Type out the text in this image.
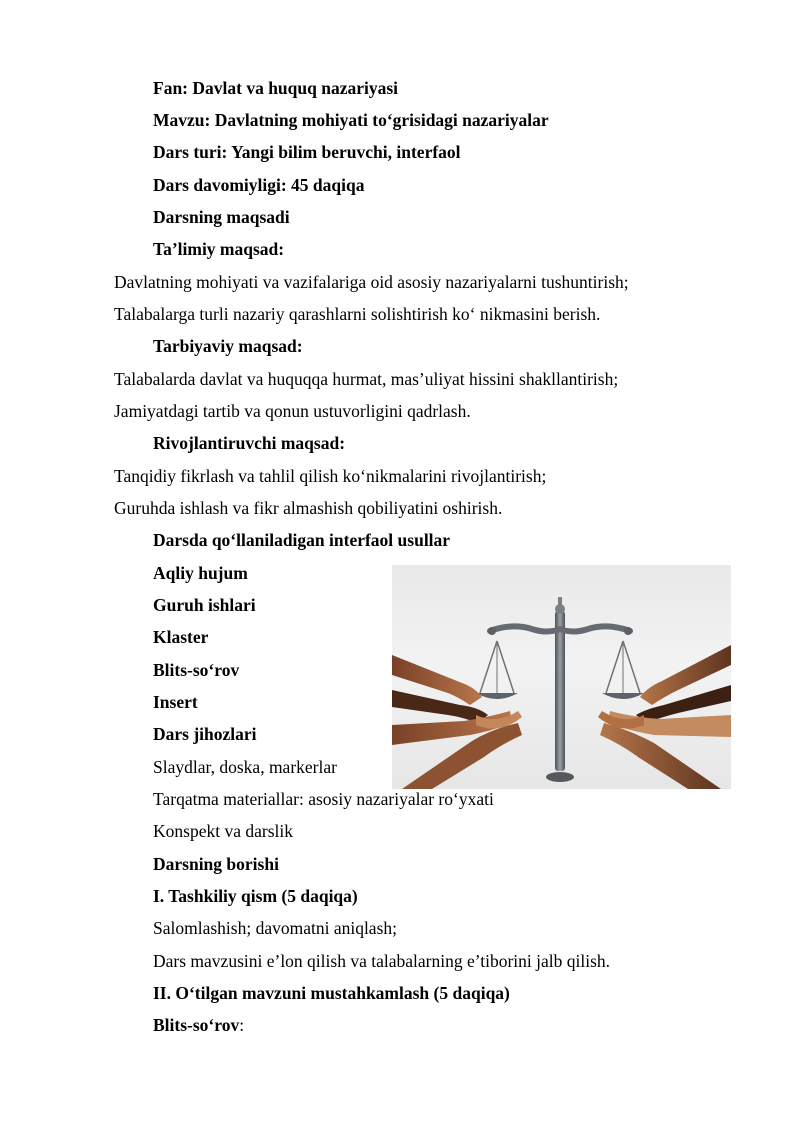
Fan: Davlat va huquq nazariyasi
Mavzu: Davlatning mohiyati to‘grisidagi nazariyalar
Dars turi: Yangi bilim beruvchi, interfaol
Dars davomiyligi: 45 daqiqa
Darsning maqsadi
Ta’limiy maqsad:
Davlatning mohiyati va vazifalariga oid asosiy nazariyalarni tushuntirish;
Talabalarga turli nazariy qarashlarni solishtirish ko‘ nikmasini berish.
Tarbiyaviy maqsad:
Talabalarda davlat va huquqqa hurmat, mas’uliyat hissini shakllantirish;
Jamiyatdagi tartib va qonun ustuvorligini qadrlash.
Rivojlantiruvchi maqsad:
Tanqidiy fikrlash va tahlil qilish ko‘nikmalarini rivojlantirish;
Guruhda ishlash va fikr almashish qobiliyatini oshirish.
Darsda qo‘llaniladigan interfaol usullar
Aqliy hujum
Guruh ishlari
Klaster
Blits-so‘rov
Insert
Dars jihozlari
Slaydlar, doska, markerlar
Tarqatma materiallar: asosiy nazariyalar ro‘yxati
Konspekt va darslik
Darsning borishi
I. Tashkiliy qism (5 daqiqa)
Salomlashish; davomatni aniqlash;
Dars mavzusini e’lon qilish va talabalarning e’tiborini jalb qilish.
II. O‘tilgan mavzuni mustahkamlash (5 daqiqa)
Blits-so‘rov:
